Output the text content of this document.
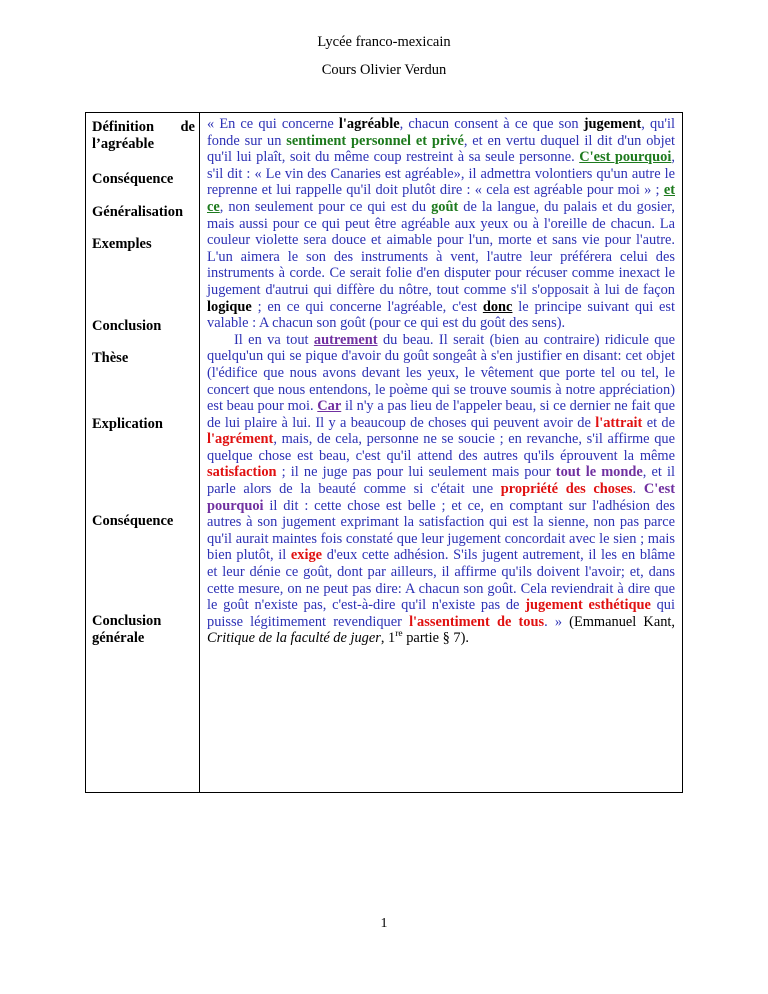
Lycée franco-mexicain
Cours Olivier Verdun
Définition de l’agréable
Conséquence
Généralisation
Exemples
Conclusion
Thèse
Explication
Conséquence
Conclusion générale

« En ce qui concerne l'agréable, chacun consent à ce que son jugement, qu'il fonde sur un sentiment personnel et privé, et en vertu duquel il dit d'un objet qu'il lui plaît, soit du même coup restreint à sa seule personne. C'est pourquoi, s'il dit : « Le vin des Canaries est agréable», il admettra volontiers qu'un autre le reprenne et lui rappelle qu'il doit plutôt dire : « cela est agréable pour moi » ; et ce, non seulement pour ce qui est du goût de la langue, du palais et du gosier, mais aussi pour ce qui peut être agréable aux yeux ou à l'oreille de chacun. La couleur violette sera douce et aimable pour l'un, morte et sans vie pour l'autre. L'un aimera le son des instruments à vent, l'autre leur préférera celui des instruments à corde. Ce serait folie d'en disputer pour récuser comme inexact le jugement d'autrui qui diffère du nôtre, tout comme s'il s'opposait à lui de façon logique ; en ce qui concerne l'agréable, c'est donc le principe suivant qui est valable : A chacun son goût (pour ce qui est du goût des sens).

Il en va tout autrement du beau. Il serait (bien au contraire) ridicule que quelqu'un qui se pique d'avoir du goût songeât à s'en justifier en disant: cet objet (l'édifice que nous avons devant les yeux, le vêtement que porte tel ou tel, le concert que nous entendons, le poème qui se trouve soumis à notre appréciation) est beau pour moi. Car il n'y a pas lieu de l'appeler beau, si ce dernier ne fait que de lui plaire à lui. Il y a beaucoup de choses qui peuvent avoir de l'attrait et de l'agrément, mais, de cela, personne ne se soucie ; en revanche, s'il affirme que quelque chose est beau, c'est qu'il attend des autres qu'ils éprouvent la même satisfaction ; il ne juge pas pour lui seulement mais pour tout le monde, et il parle alors de la beauté comme si c'était une propriété des choses. C'est pourquoi il dit : cette chose est belle ; et ce, en comptant sur l'adhésion des autres à son jugement exprimant la satisfaction qui est la sienne, non pas parce qu'il aurait maintes fois constaté que leur jugement concordait avec le sien ; mais bien plutôt, il exige d'eux cette adhésion. S'ils jugent autrement, il les en blâme et leur dénie ce goût, dont par ailleurs, il affirme qu'ils doivent l'avoir; et, dans cette mesure, on ne peut pas dire: A chacun son goût. Cela reviendrait à dire que le goût n'existe pas, c'est-à-dire qu'il n'existe pas de jugement esthétique qui puisse légitimement revendiquer l'assentiment de tous. » (Emmanuel Kant, Critique de la faculté de juger, 1re partie § 7).

1
